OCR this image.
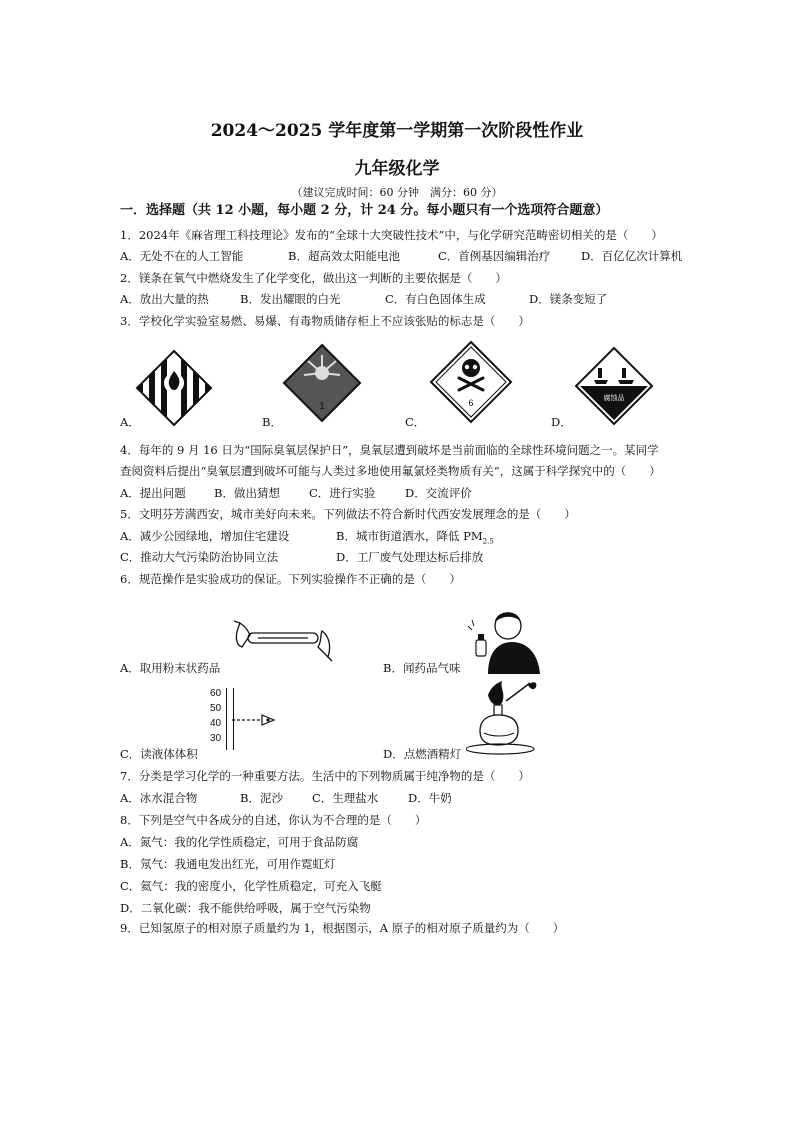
2024～2025 学年度第一学期第一次阶段性作业
九年级化学
（建议完成时间：60 分钟　满分：60 分）
一．选择题（共 12 小题，每小题 2 分，计 24 分。每小题只有一个选项符合题意）
1．2024年《麻省理工科技理论》发布的“全球十大突破性技术”中，与化学研究范畴密切相关的是（　　）
A．无处不在的人工智能	B．超高效太阳能电池	C．首例基因编辑治疗	D．百亿亿次计算机
2．镁条在氧气中燃烧发生了化学变化，做出这一判断的主要依据是（　　）
A．放出大量的热	B．发出耀眼的白光	C．有白色固体生成	D．镁条变短了
3．学校化学实验室易燃、易爆、有毒物质储存柜上不应该张贴的标志是（　　）
A．	B．
1
C．
6
D．
腐蚀品
4．每年的 9 月 16 日为“国际臭氧层保护日”，臭氧层遭到破坏是当前面临的全球性环境问题之一。某同学
查阅资料后提出“臭氧层遭到破坏可能与人类过多地使用氟氯烃类物质有关”，这属于科学探究中的（　　）
A．提出问题 B．做出猜想	C．进行实验	D．交流评价
5．文明芬芳满西安，城市美好向未来。下列做法不符合新时代西安发展理念的是（　　）
A．减少公园绿地，增加住宅建设	B．城市街道洒水，降低 $PM_{2.5}$
C．推动大气污染防治协同立法	D．工厂废气处理达标后排放
6．规范操作是实验成功的保证。下列实验操作不正确的是（　　）
A．取用粉末状药品	B．闻药品气味
60
50
40
30
C．读液体体积	D．点燃酒精灯
7．分类是学习化学的一种重要方法。生活中的下列物质属于纯净物的是（　　）
A．冰水混合物	B．泥沙	C．生理盐水	D．牛奶
8．下列是空气中各成分的自述，你认为不合理的是（　　）
A．氮气：我的化学性质稳定，可用于食品防腐
B．氖气：我通电发出红光，可用作霓虹灯
C．氦气：我的密度小，化学性质稳定，可充入飞艇
D．二氧化碳：我不能供给呼吸，属于空气污染物
9．已知氢原子的相对原子质量约为 1，根据图示，A 原子的相对原子质量约为（　　）
